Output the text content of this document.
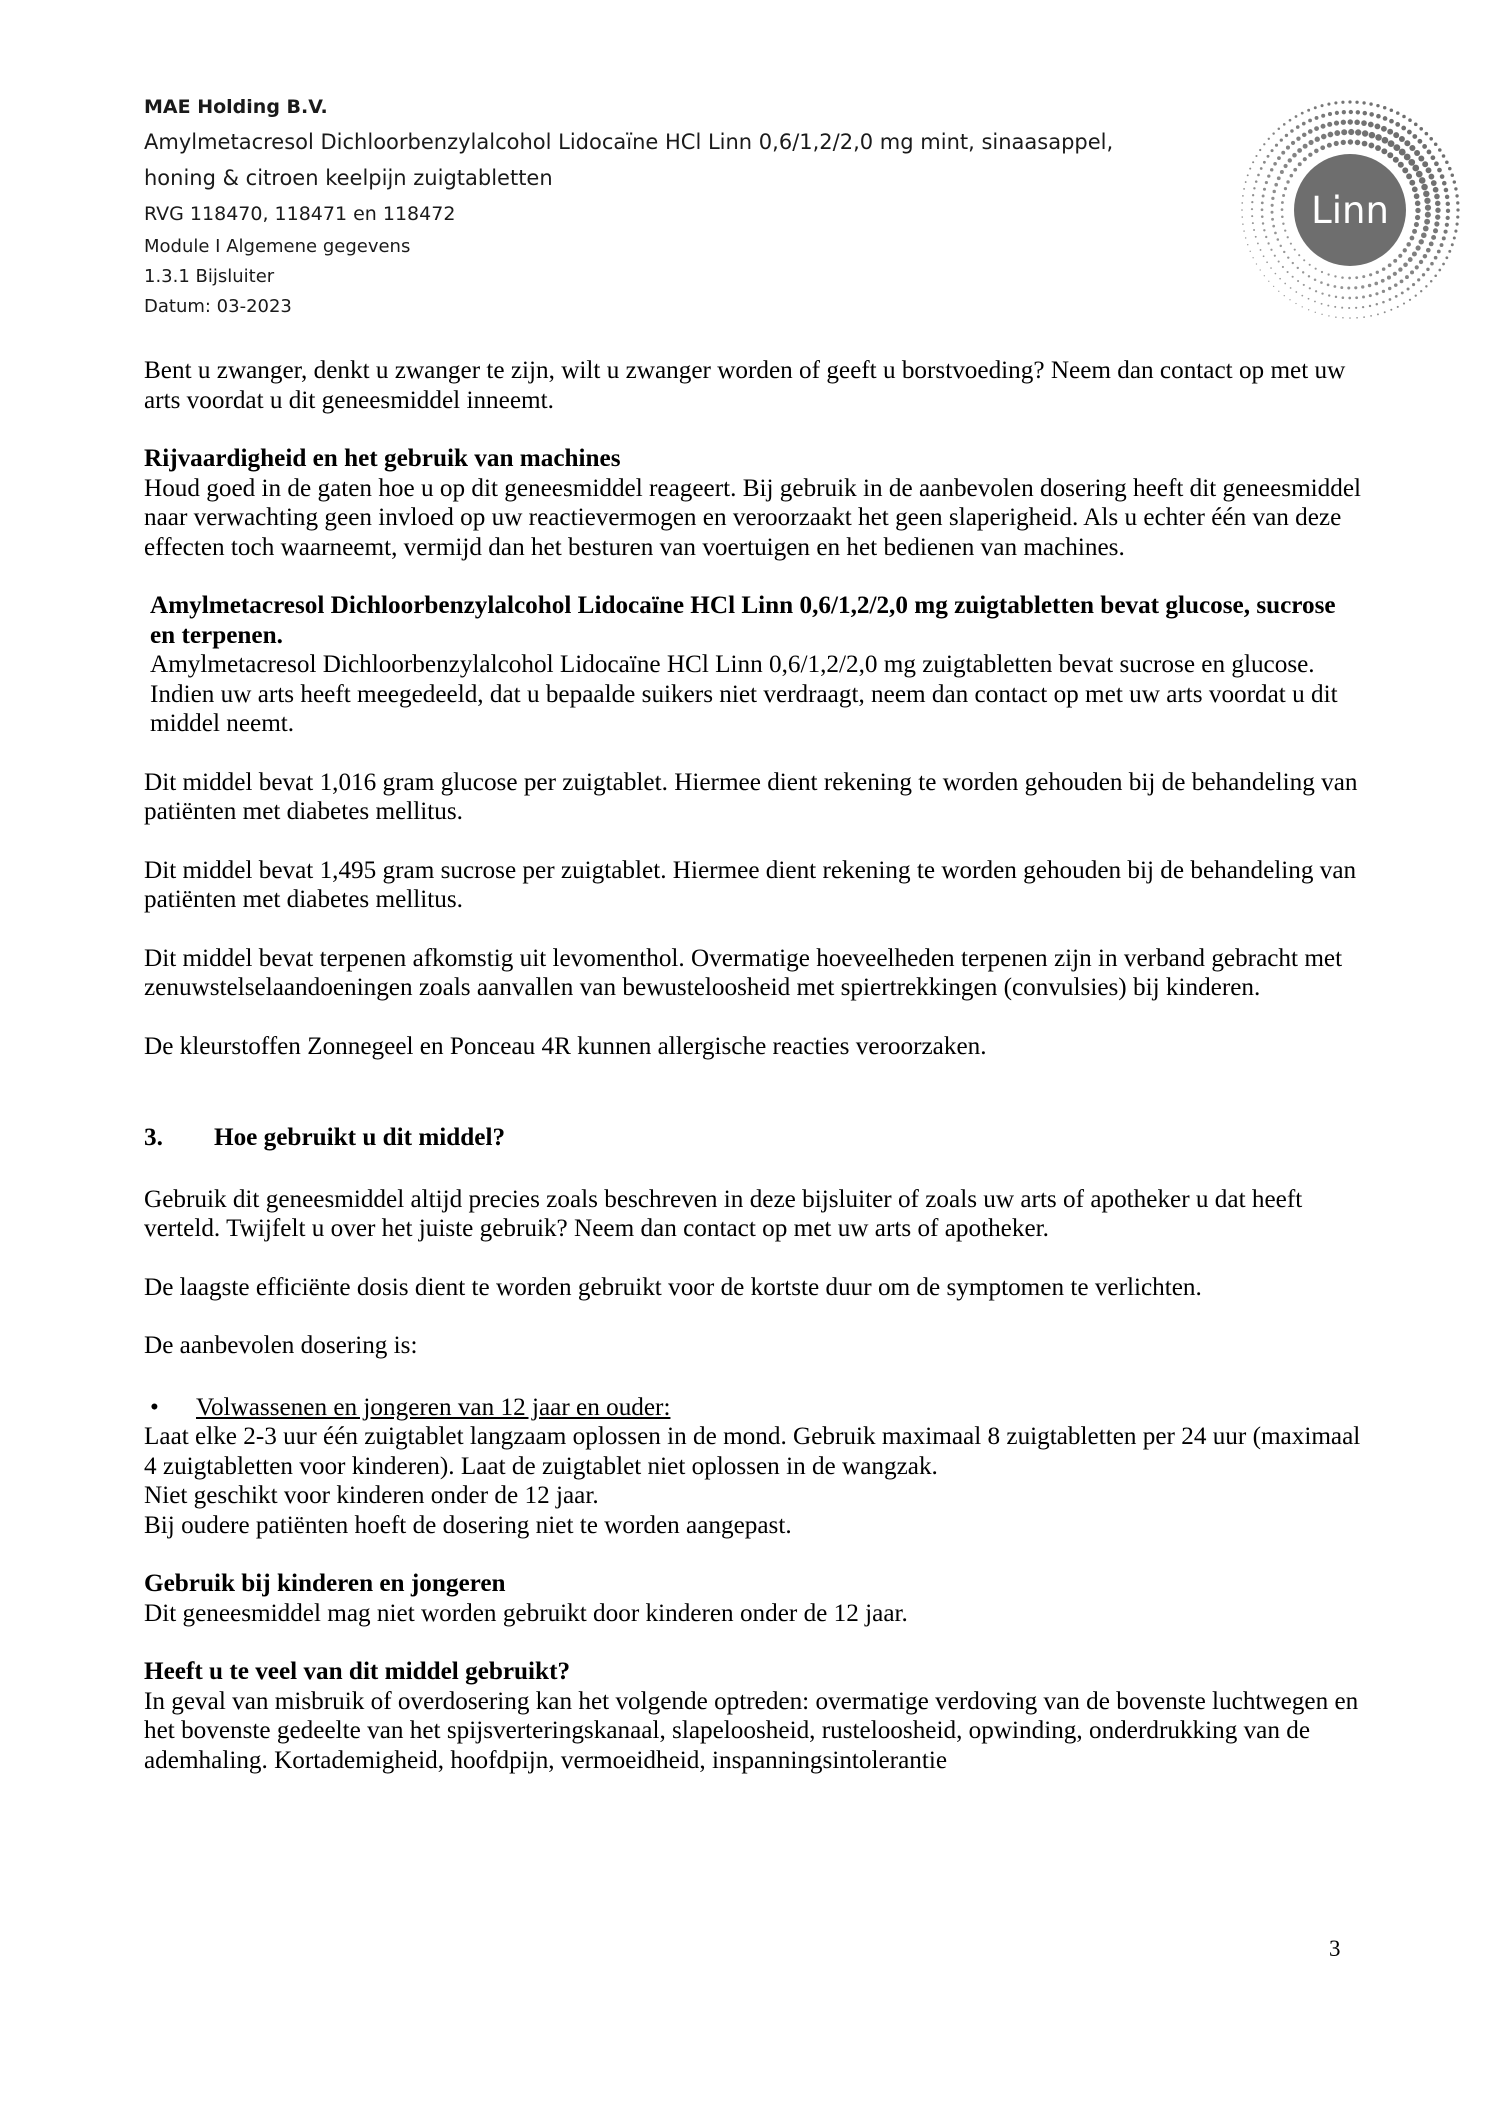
MAE Holding B.V.
Amylmetacresol Dichloorbenzylalcohol Lidocaïne HCl Linn 0,6/1,2/2,0 mg mint, sinaasappel,
honing & citroen keelpijn zuigtabletten
RVG 118470, 118471 en 118472
Module I Algemene gegevens
1.3.1 Bijsluiter
Datum: 03-2023
Linn

Bent u zwanger, denkt u zwanger te zijn, wilt u zwanger worden of geeft u borstvoeding? Neem dan contact op met uw arts voordat u dit geneesmiddel inneemt.

Rijvaardigheid en het gebruik van machines

Houd goed in de gaten hoe u op dit geneesmiddel reageert. Bij gebruik in de aanbevolen dosering heeft dit geneesmiddel naar verwachting geen invloed op uw reactievermogen en veroorzaakt het geen slaperigheid. Als u echter één van deze effecten toch waarneemt, vermijd dan het besturen van voertuigen en het bedienen van machines.

Amylmetacresol Dichloorbenzylalcohol Lidocaïne HCl Linn 0,6/1,2/2,0 mg zuigtabletten bevat glucose, sucrose en terpenen.

Amylmetacresol Dichloorbenzylalcohol Lidocaïne HCl Linn 0,6/1,2/2,0 mg zuigtabletten bevat sucrose en glucose. Indien uw arts heeft meegedeeld, dat u bepaalde suikers niet verdraagt, neem dan contact op met uw arts voordat u dit middel neemt.

Dit middel bevat 1,016 gram glucose per zuigtablet. Hiermee dient rekening te worden gehouden bij de behandeling van patiënten met diabetes mellitus.

Dit middel bevat 1,495 gram sucrose per zuigtablet. Hiermee dient rekening te worden gehouden bij de behandeling van patiënten met diabetes mellitus.

Dit middel bevat terpenen afkomstig uit levomenthol. Overmatige hoeveelheden terpenen zijn in verband gebracht met zenuwstelselaandoeningen zoals aanvallen van bewusteloosheid met spiertrekkingen (convulsies) bij kinderen.

De kleurstoffen Zonnegeel en Ponceau 4R kunnen allergische reacties veroorzaken.

3.	Hoe gebruikt u dit middel?

Gebruik dit geneesmiddel altijd precies zoals beschreven in deze bijsluiter of zoals uw arts of apotheker u dat heeft verteld. Twijfelt u over het juiste gebruik? Neem dan contact op met uw arts of apotheker.

De laagste efficiënte dosis dient te worden gebruikt voor de kortste duur om de symptomen te verlichten.

De aanbevolen dosering is:

•	Volwassenen en jongeren van 12 jaar en ouder:

Laat elke 2-3 uur één zuigtablet langzaam oplossen in de mond. Gebruik maximaal 8 zuigtabletten per 24 uur (maximaal 4 zuigtabletten voor kinderen). Laat de zuigtablet niet oplossen in de wangzak.

Niet geschikt voor kinderen onder de 12 jaar.

Bij oudere patiënten hoeft de dosering niet te worden aangepast.

Gebruik bij kinderen en jongeren

Dit geneesmiddel mag niet worden gebruikt door kinderen onder de 12 jaar.

Heeft u te veel van dit middel gebruikt?

In geval van misbruik of overdosering kan het volgende optreden: overmatige verdoving van de bovenste luchtwegen en het bovenste gedeelte van het spijsverteringskanaal, slapeloosheid, rusteloosheid, opwinding, onderdrukking van de ademhaling. Kortademigheid, hoofdpijn, vermoeidheid, inspanningsintolerantie

3
